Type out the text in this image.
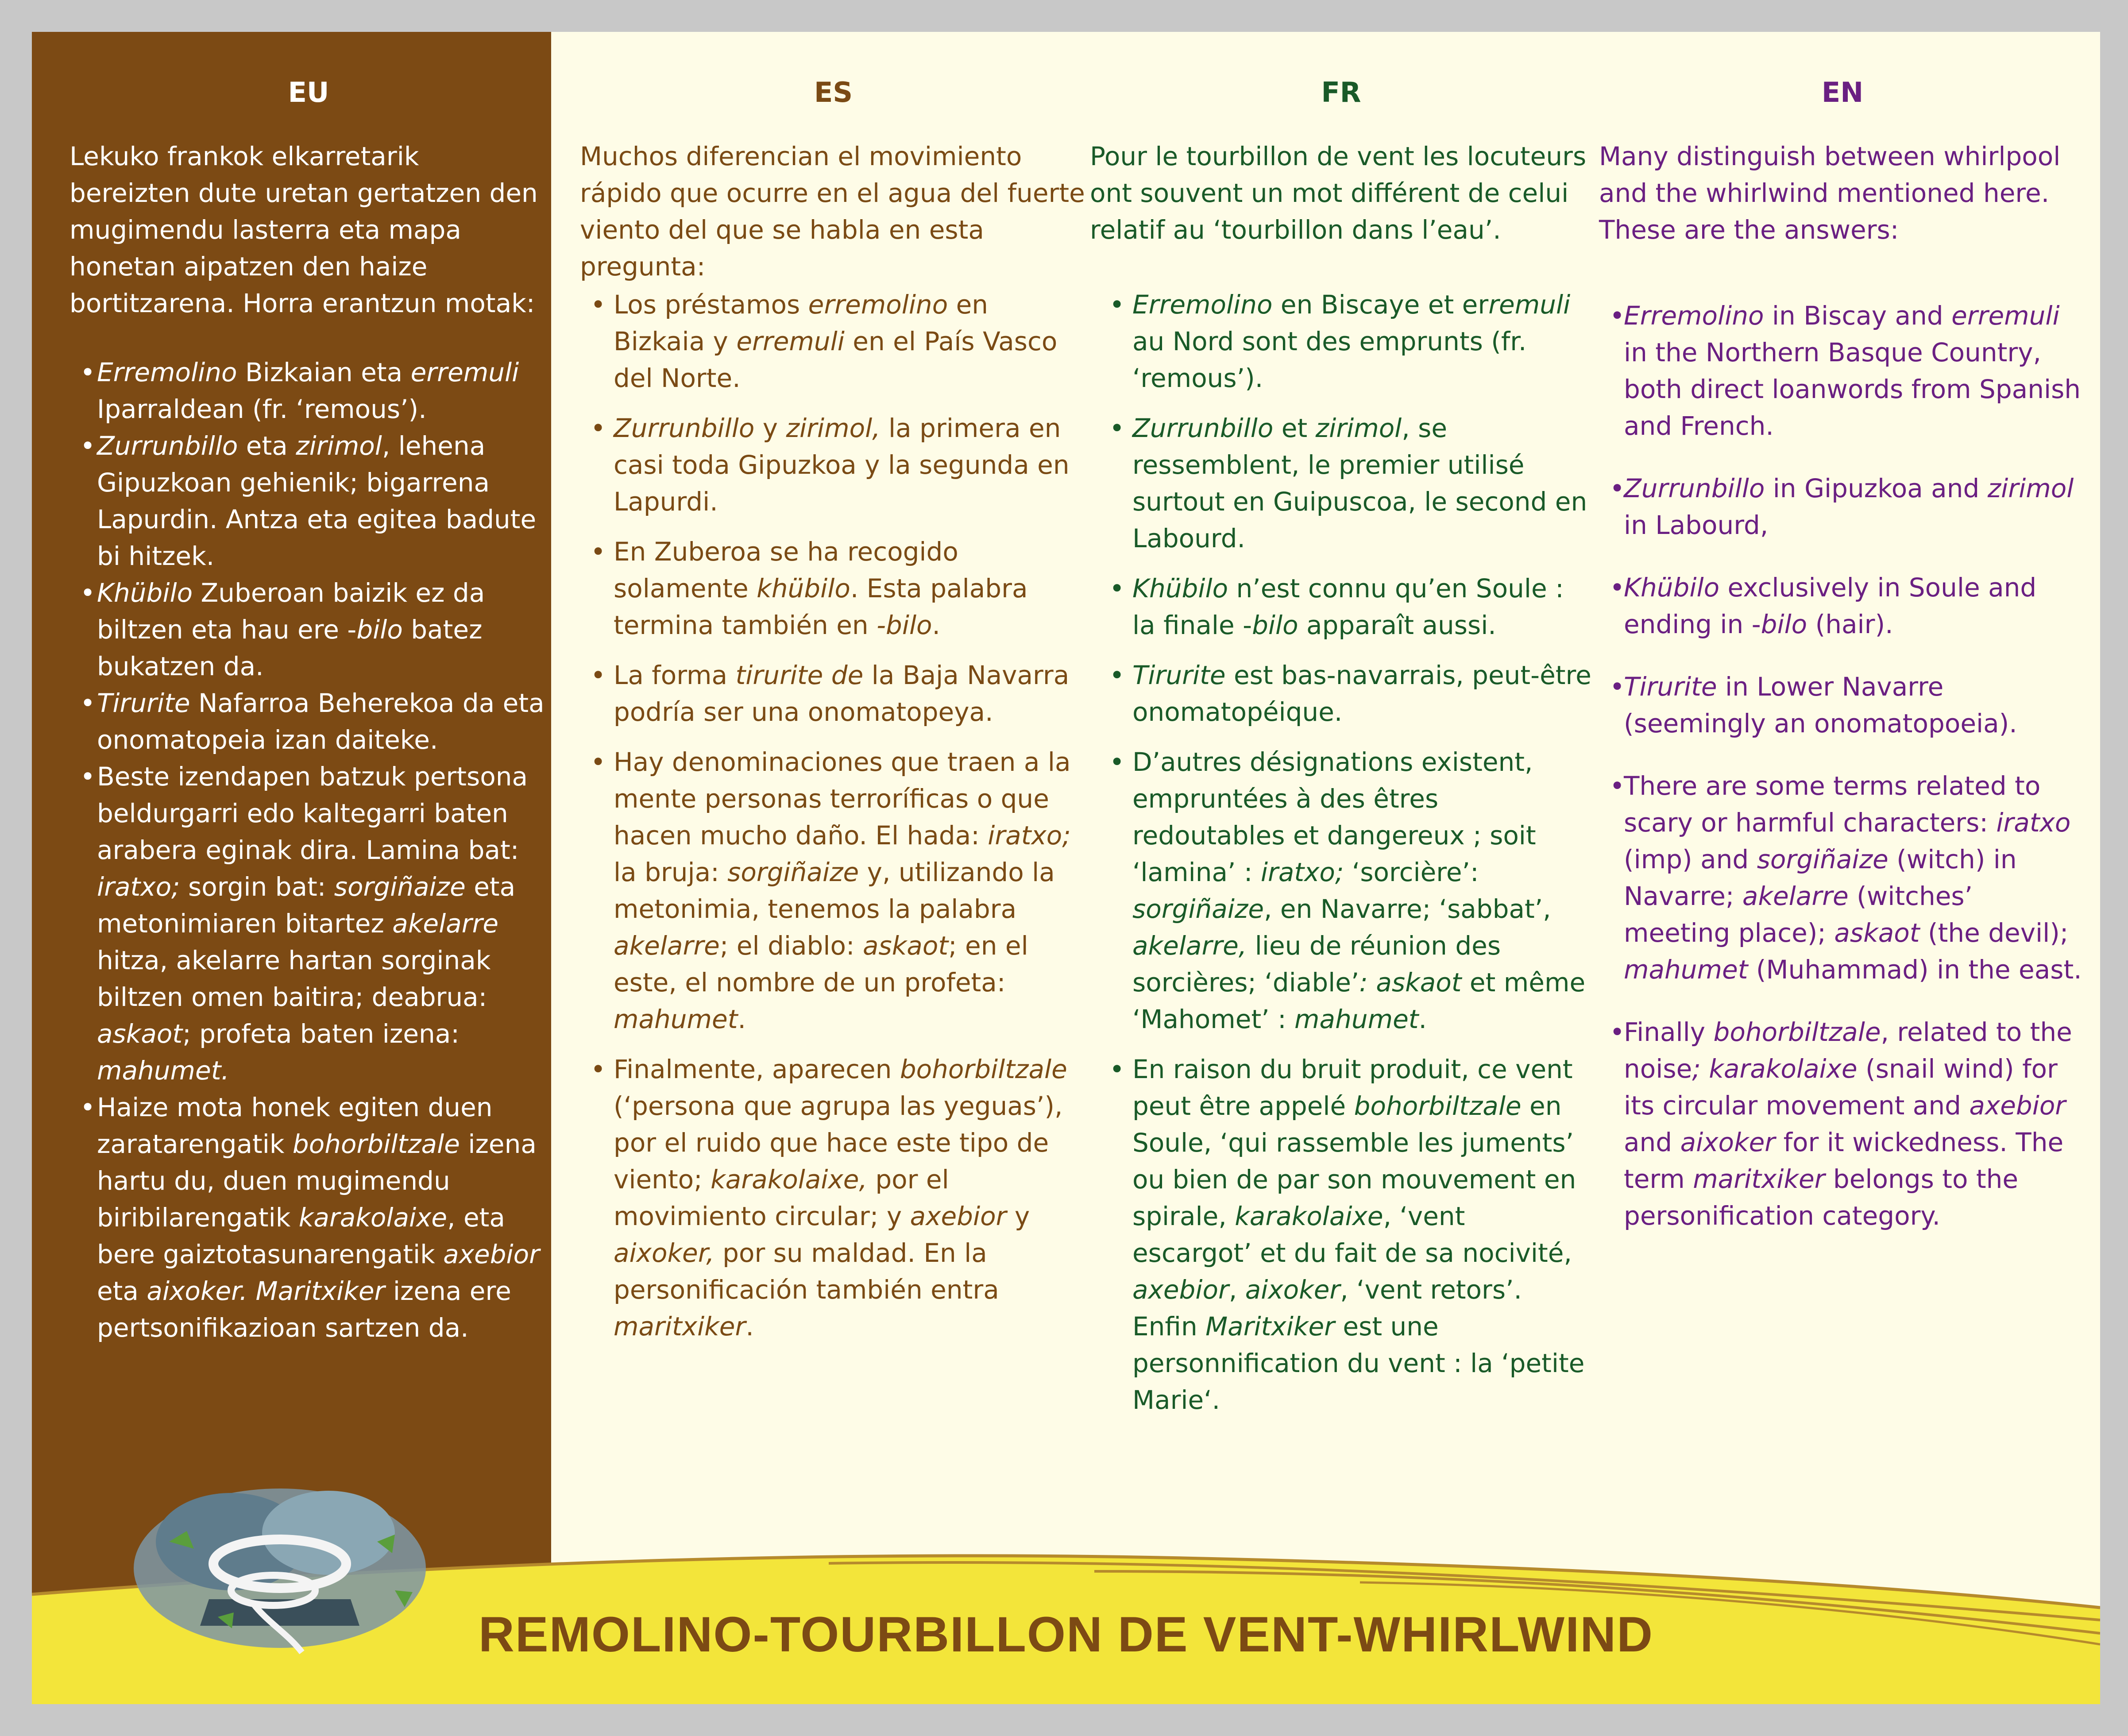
EU

Lekuko frankok elkarretarik bereizten dute uretan gertatzen den mugimendu lasterra eta mapa honetan aipatzen den haize bortitzarena. Horra erantzun motak:

• Erremolino Bizkaian eta erremuli Iparraldean (fr. ‘remous’).
• Zurrunbillo eta zirimol, lehena Gipuzkoan gehienik; bigarrena Lapurdin. Antza eta egitea badute bi hitzek.
• Khübilo Zuberoan baizik ez da biltzen eta hau ere -bilo batez bukatzen da.
• Tirurite Nafarroa Beherekoa da eta onomatopeia izan daiteke.
• Beste izendapen batzuk pertsona beldurgarri edo kaltegarri baten arabera eginak dira. Lamina bat: iratxo; sorgin bat: sorgiñaize eta metonimiaren bitartez akelarre hitza, akelarre hartan sorginak biltzen omen baitira; deabrua: askaot; profeta baten izena: mahumet.
• Haize mota honek egiten duen zaratarengatik bohorbiltzale izena hartu du, duen mugimendu biribilarengatik karakolaixe, eta bere gaiztotasunarengatik axebior eta aixoker. Maritxiker izena ere pertsonifikazioan sartzen da.
ES

Muchos diferencian el movimiento rápido que ocurre en el agua del fuerte viento del que se habla en esta pregunta:

• Los préstamos erremolino en Bizkaia y erremuli en el País Vasco del Norte.
• Zurrunbillo y zirimol, la primera en casi toda Gipuzkoa y la segunda en Lapurdi.
• En Zuberoa se ha recogido solamente khübilo. Esta palabra termina también en -bilo.
• La forma tirurite de la Baja Navarra podría ser una onomatopeya.
• Hay denominaciones que traen a la mente personas terroríficas o que hacen mucho daño. El hada: iratxo; la bruja: sorgiñaize y, utilizando la metonimia, tenemos la palabra akelarre; el diablo: askaot; en el este, el nombre de un profeta: mahumet.
• Finalmente, aparecen bohorbiltzale (‘persona que agrupa las yeguas’), por el ruido que hace este tipo de viento; karakolaixe, por el movimiento circular; y axebior y aixoker, por su maldad. En la personificación también entra maritxiker.
FR

Pour le tourbillon de vent les locuteurs ont souvent un mot différent de celui relatif au ‘tourbillon dans l’eau’.

• Erremolino en Biscaye et erremuli au Nord sont des emprunts (fr. ‘remous’).
• Zurrunbillo et zirimol, se ressemblent, le premier utilisé surtout en Guipuscoa, le second en Labourd.
• Khübilo n’est connu qu’en Soule : la finale -bilo apparaît aussi.
• Tirurite est bas-navarrais, peut-être onomatopéique.
• D’autres désignations existent, empruntées à des êtres redoutables et dangereux ; soit ‘lamina’ : iratxo; ‘sorcière’: sorgiñaize, en Navarre; ‘sabbat’, akelarre, lieu de réunion des sorcières; ‘diable’: askaot et même ‘Mahomet’ : mahumet.
• En raison du bruit produit, ce vent peut être appelé bohorbiltzale en Soule, ‘qui rassemble les juments’ ou bien de par son mouvement en spirale, karakolaixe, ‘vent escargot’ et du fait de sa nocivité, axebior, aixoker, ‘vent retors’. Enfin Maritxiker est une personnification du vent : la ‘petite Marie‘.
EN

Many distinguish between whirlpool and the whirlwind mentioned here. These are the answers:

• Erremolino in Biscay and erremuli in the Northern Basque Country, both direct loanwords from Spanish and French.
• Zurrunbillo in Gipuzkoa and zirimol in Labourd,
• Khübilo exclusively in Soule and ending in -bilo (hair).
• Tirurite in Lower Navarre (seemingly an onomatopoeia).
• There are some terms related to scary or harmful characters: iratxo (imp) and sorgiñaize (witch) in Navarre; akelarre (witches’ meeting place); askaot (the devil); mahumet (Muhammad) in the east.
• Finally bohorbiltzale, related to the noise; karakolaixe (snail wind) for its circular movement and axebior and aixoker for it wickedness. The term maritxiker belongs to the personification category.
REMOLINO-TOURBILLON DE VENT-WHIRLWIND
